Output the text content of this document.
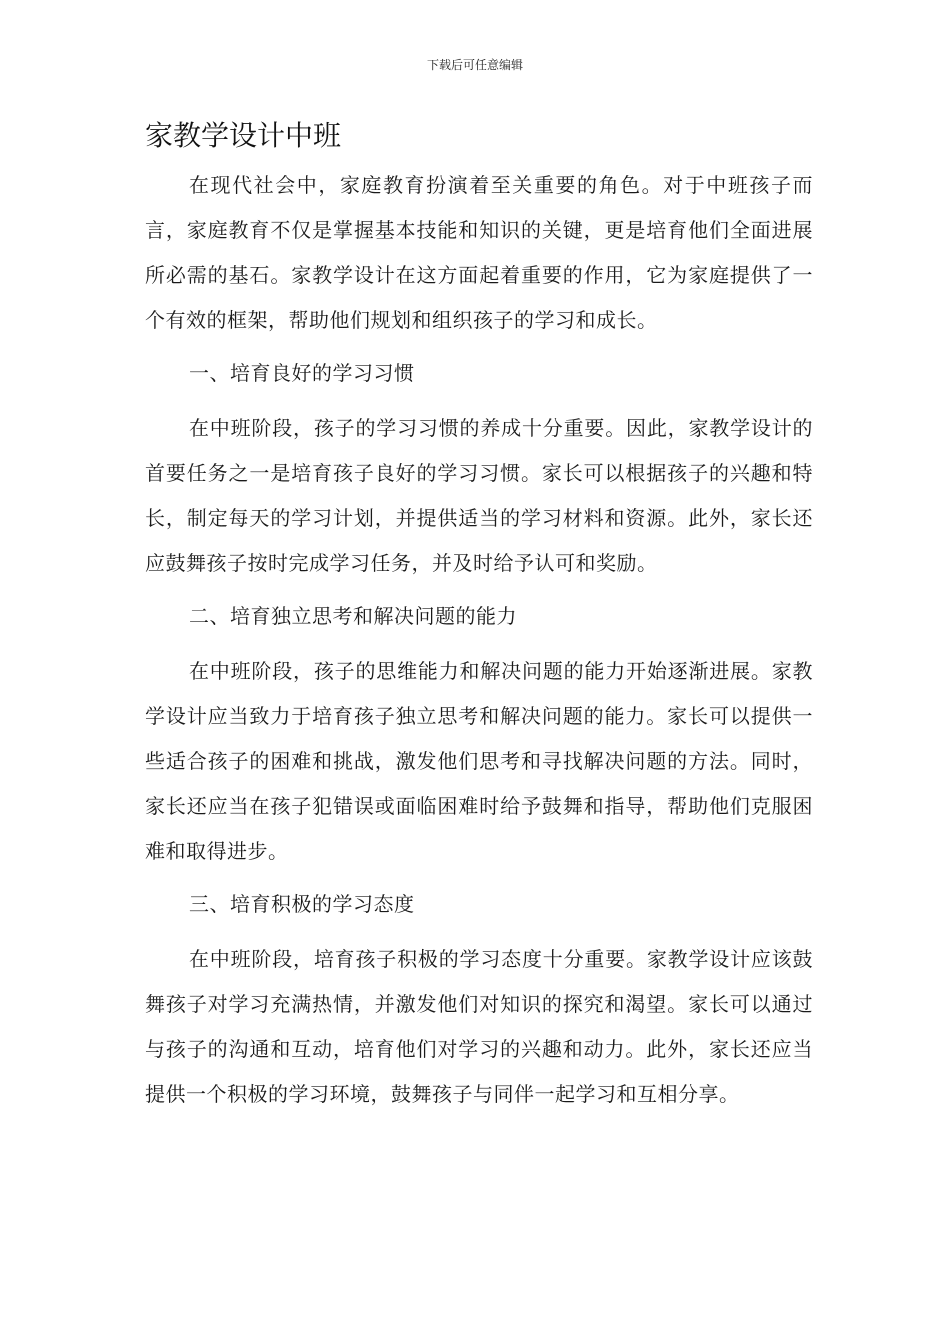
下载后可任意编辑
家教学设计中班

在现代社会中，家庭教育扮演着至关重要的角色。对于中班孩子而言，家庭教育不仅是掌握基本技能和知识的关键，更是培育他们全面进展所必需的基石。家教学设计在这方面起着重要的作用，它为家庭提供了一个有效的框架，帮助他们规划和组织孩子的学习和成长。

一、培育良好的学习习惯

在中班阶段，孩子的学习习惯的养成十分重要。因此，家教学设计的首要任务之一是培育孩子良好的学习习惯。家长可以根据孩子的兴趣和特长，制定每天的学习计划，并提供适当的学习材料和资源。此外，家长还应鼓舞孩子按时完成学习任务，并及时给予认可和奖励。

二、培育独立思考和解决问题的能力

在中班阶段，孩子的思维能力和解决问题的能力开始逐渐进展。家教学设计应当致力于培育孩子独立思考和解决问题的能力。家长可以提供一些适合孩子的困难和挑战，激发他们思考和寻找解决问题的方法。同时，家长还应当在孩子犯错误或面临困难时给予鼓舞和指导，帮助他们克服困难和取得进步。

三、培育积极的学习态度

在中班阶段，培育孩子积极的学习态度十分重要。家教学设计应该鼓舞孩子对学习充满热情，并激发他们对知识的探究和渴望。家长可以通过与孩子的沟通和互动，培育他们对学习的兴趣和动力。此外，家长还应当提供一个积极的学习环境，鼓舞孩子与同伴一起学习和互相分享。
